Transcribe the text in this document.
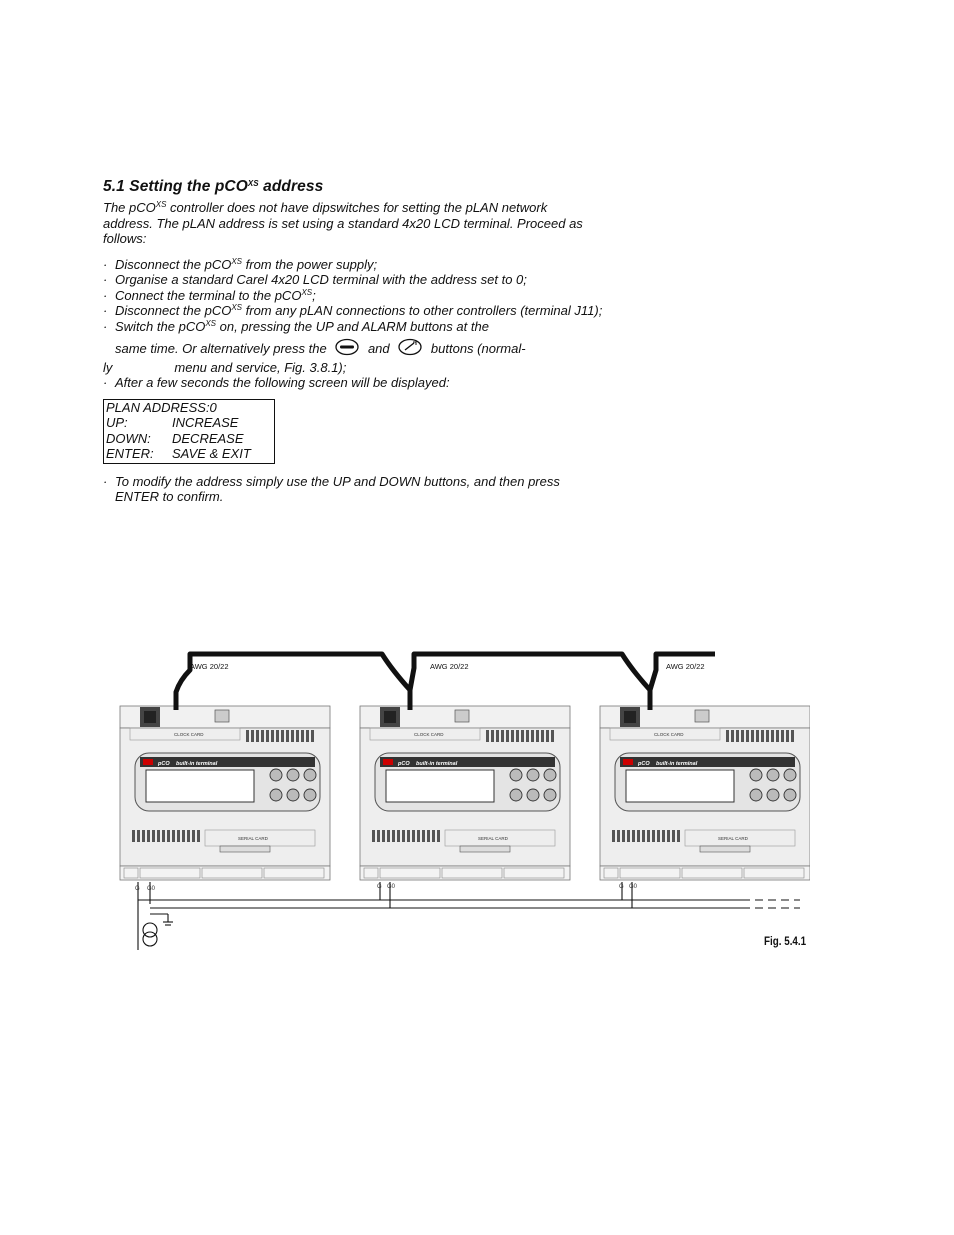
5.1 Setting the pCO$^{XS}$ address

The pCO$^{XS}$ controller does not have dipswitches for setting the pLAN network address. The pLAN address is set using a standard 4x20 LCD terminal. Proceed as follows:

· Disconnect the pCO$^{XS}$ from the power supply;
· Organise a standard Carel 4x20 LCD terminal with the address set to 0;
· Connect the terminal to the pCO$^{XS}$;
· Disconnect the pCO$^{XS}$ from any pLAN connections to other controllers (terminal J11);
· Switch the pCO$^{XS}$ on, pressing the UP and ALARM buttons at the
same time. Or alternatively press the	and	buttons (normal-
ly	menu and service, Fig. 3.8.1);
· After a few seconds the following screen will be displayed:
PLAN ADDRESS:0
UP:	INCREASE
DOWN:	DECREASE
ENTER:	SAVE & EXIT
· To modify the address simply use the UP and DOWN buttons, and then press ENTER to confirm.
CLOCK CARD	CLOCK CARD	CLOCK CARD
SERIAL CARD	SERIAL CARD	SERIAL CARD
pCO built-in terminal	pCO built-in terminal	pCO built-in terminal
AWG 20/22	AWG 20/22	AWG 20/22
G G0	G G0	G G0
Fig. 5.4.1
